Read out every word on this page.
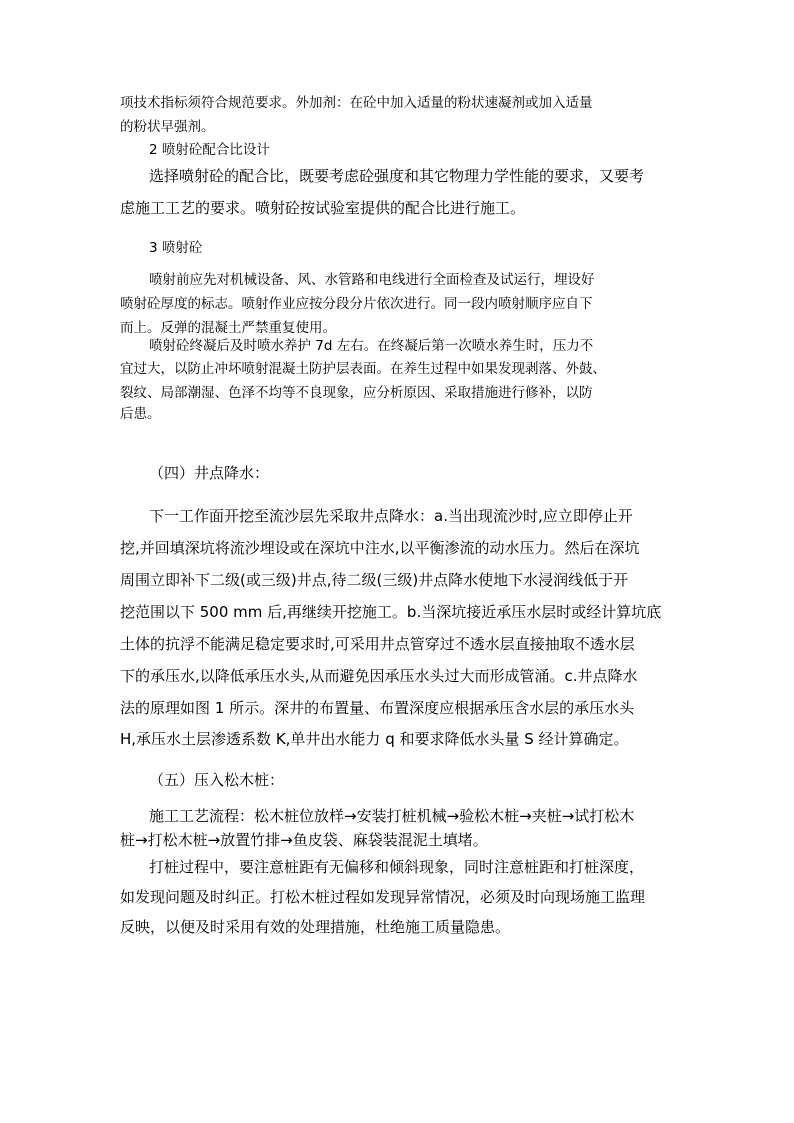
项技术指标须符合规范要求。外加剂：在砼中加入适量的粉状速凝剂或加入适量
的粉状早强剂。
2 喷射砼配合比设计
选择喷射砼的配合比，既要考虑砼强度和其它物理力学性能的要求，又要考
虑施工工艺的要求。喷射砼按试验室提供的配合比进行施工。
3 喷射砼
喷射前应先对机械设备、风、水管路和电线进行全面检查及试运行，埋设好
喷射砼厚度的标志。喷射作业应按分段分片依次进行。同一段内喷射顺序应自下
而上。反弹的混凝土严禁重复使用。
喷射砼终凝后及时喷水养护 7d 左右。在终凝后第一次喷水养生时，压力不
宜过大，以防止冲坏喷射混凝土防护层表面。在养生过程中如果发现剥落、外鼓、
裂纹、局部潮湿、色泽不均等不良现象，应分析原因、采取措施进行修补，以防
后患。
（四）井点降水：
下一工作面开挖至流沙层先采取井点降水：a.当出现流沙时,应立即停止开
挖,并回填深坑将流沙埋设或在深坑中注水,以平衡渗流的动水压力。然后在深坑
周围立即补下二级(或三级)井点,待二级(三级)井点降水使地下水浸润线低于开
挖范围以下 500 mm 后,再继续开挖施工。b.当深坑接近承压水层时或经计算坑底
土体的抗浮不能满足稳定要求时,可采用井点管穿过不透水层直接抽取不透水层
下的承压水,以降低承压水头,从而避免因承压水头过大而形成管涌。c.井点降水
法的原理如图 1 所示。深井的布置量、布置深度应根据承压含水层的承压水头
H,承压水土层渗透系数 K,单井出水能力 q 和要求降低水头量 S 经计算确定。
（五）压入松木桩：
施工工艺流程：松木桩位放样→安装打桩机械→验松木桩→夹桩→试打松木
桩→打松木桩→放置竹排→鱼皮袋、麻袋装混泥土填堵。
打桩过程中，要注意桩距有无偏移和倾斜现象，同时注意桩距和打桩深度，
如发现问题及时纠正。打松木桩过程如发现异常情况，必须及时向现场施工监理
反映，以便及时采用有效的处理措施，杜绝施工质量隐患。
